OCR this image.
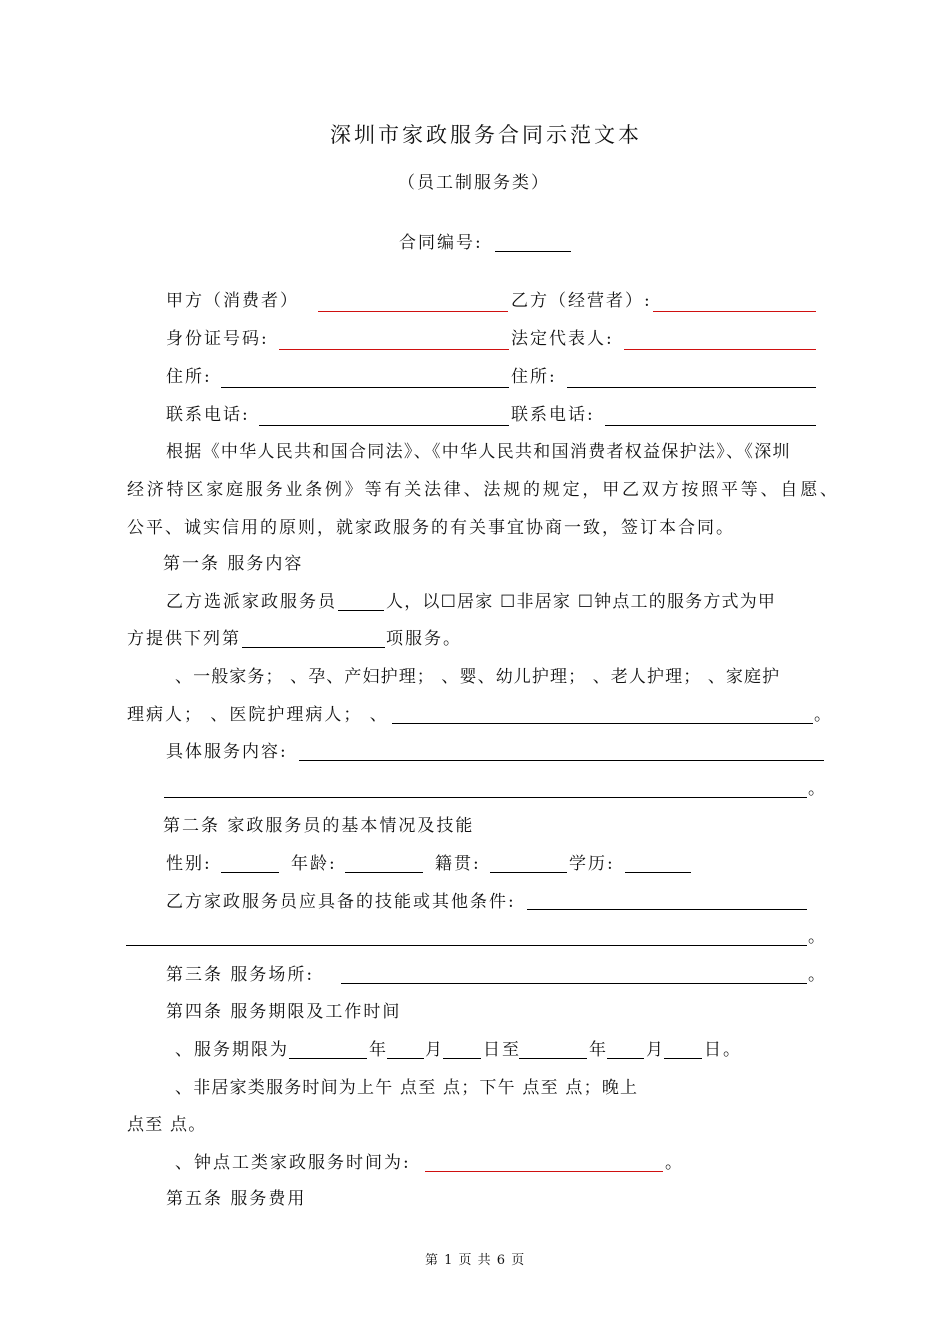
深圳市家政服务合同示范文本
（员工制服务类）
合同编号:
甲方（消费者）	乙方（经营者）:
身份证号码:	法定代表人:
住所:	住所:
联系电话:	联系电话:
根据《中华人民共和国合同法》、《中华人民共和国消费者权益保护法》、《深圳
经济特区家庭服务业条例》等有关法律、法规的规定，甲乙双方按照平等、自愿、
公平、诚实信用的原则，就家政服务的有关事宜协商一致，签订本合同。
第一条 服务内容
乙方选派家政服务员	人，以☐居家 ☐非居家 ☐钟点工的服务方式为甲
方提供下列第	项服务。
、一般家务； 、孕、产妇护理； 、婴、幼儿护理； 、老人护理； 、家庭护
理病人； 、医院护理病人； 、	。
具体服务内容:
。
第二条 家政服务员的基本情况及技能
性别:	年龄:	籍贯:	学历:
乙方家政服务员应具备的技能或其他条件:
。
第三条 服务场所:	。
第四条 服务期限及工作时间
、服务期限为	年 月 日至	年 月 日。
、非居家类服务时间为上午 点至 点；下午 点至 点；晚上
点至 点。
、钟点工类家政服务时间为:	。
第五条 服务费用
第 1 页 共 6 页
